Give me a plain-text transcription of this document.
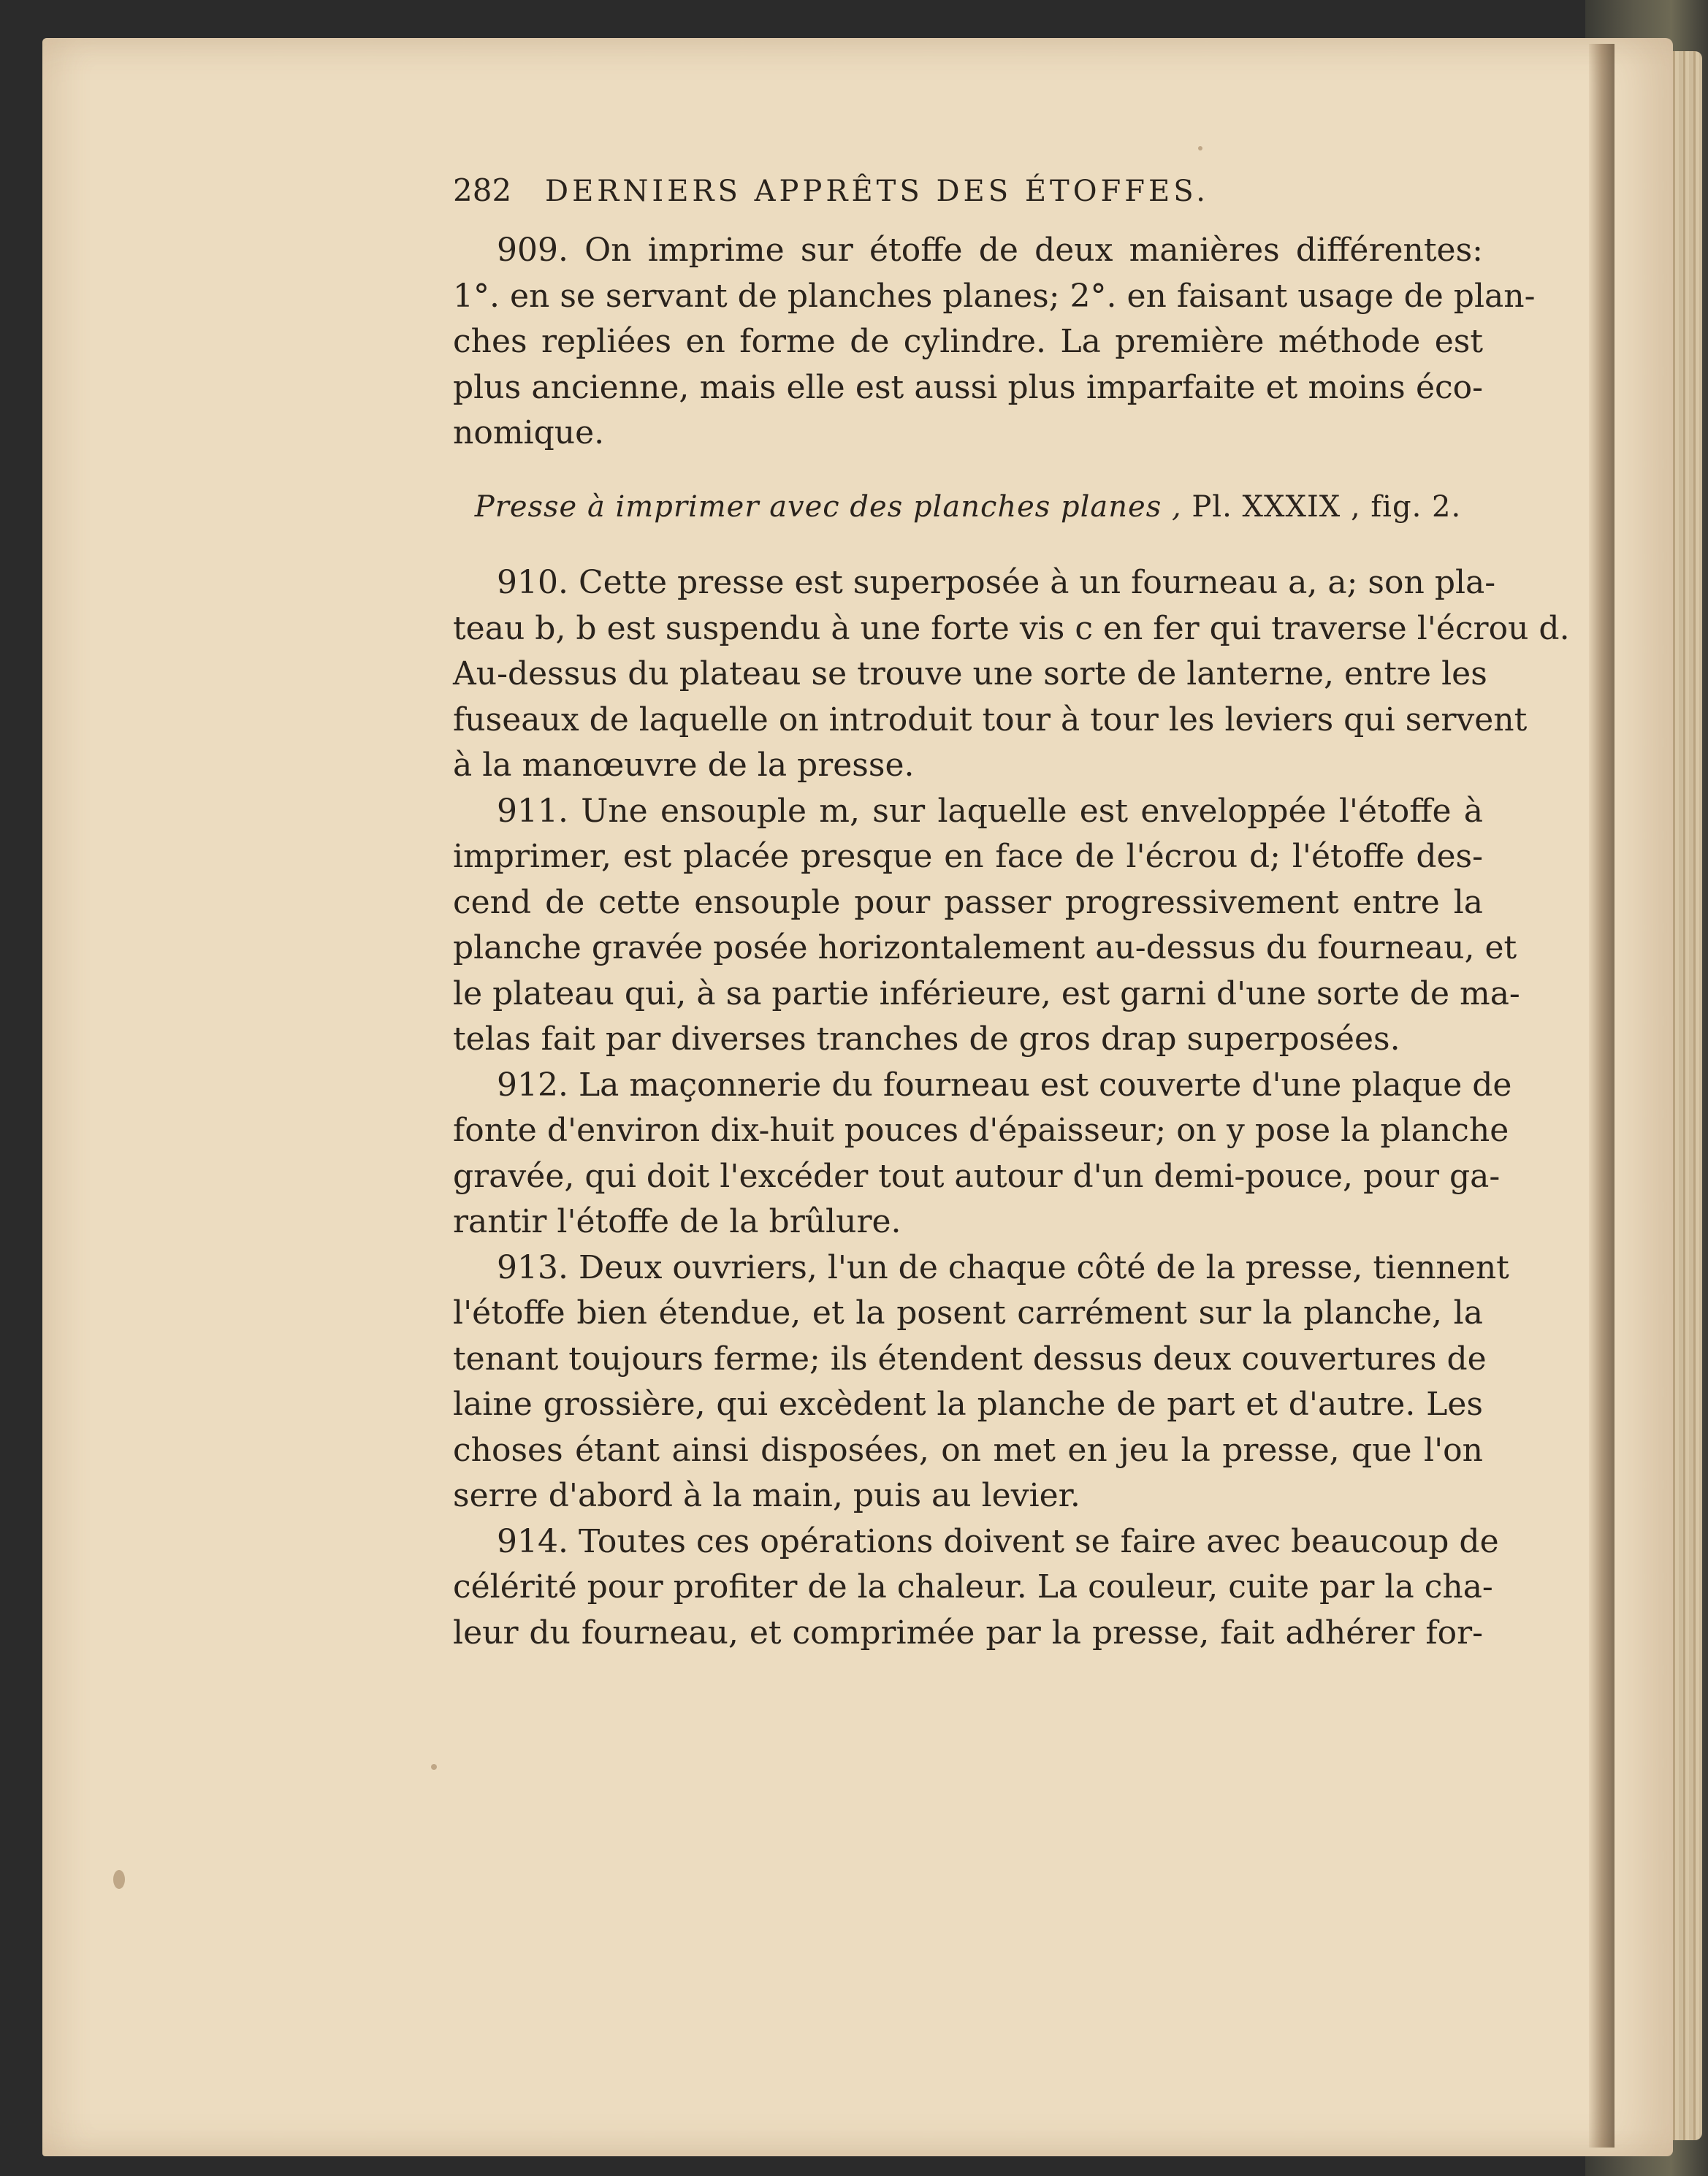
282	DERNIERS APPRÊTS DES ÉTOFFES.
909. On imprime sur étoffe de deux manières différentes:
1°. en se servant de planches planes; 2°. en faisant usage de plan-
ches repliées en forme de cylindre. La première méthode est
plus ancienne, mais elle est aussi plus imparfaite et moins éco-
nomique.
Presse à imprimer avec des planches planes , Pl. XXXIX , fig. 2.
910. Cette presse est superposée à un fourneau a, a; son pla-
teau b, b est suspendu à une forte vis c en fer qui traverse l'écrou d.
Au-dessus du plateau se trouve une sorte de lanterne, entre les
fuseaux de laquelle on introduit tour à tour les leviers qui servent
à la manœuvre de la presse.
911. Une ensouple m, sur laquelle est enveloppée l'étoffe à
imprimer, est placée presque en face de l'écrou d; l'étoffe des-
cend de cette ensouple pour passer progressivement entre la
planche gravée posée horizontalement au-dessus du fourneau, et
le plateau qui, à sa partie inférieure, est garni d'une sorte de ma-
telas fait par diverses tranches de gros drap superposées.
912. La maçonnerie du fourneau est couverte d'une plaque de
fonte d'environ dix-huit pouces d'épaisseur; on y pose la planche
gravée, qui doit l'excéder tout autour d'un demi-pouce, pour ga-
rantir l'étoffe de la brûlure.
913. Deux ouvriers, l'un de chaque côté de la presse, tiennent
l'étoffe bien étendue, et la posent carrément sur la planche, la
tenant toujours ferme; ils étendent dessus deux couvertures de
laine grossière, qui excèdent la planche de part et d'autre. Les
choses étant ainsi disposées, on met en jeu la presse, que l'on
serre d'abord à la main, puis au levier.
914. Toutes ces opérations doivent se faire avec beaucoup de
célérité pour profiter de la chaleur. La couleur, cuite par la cha-
leur du fourneau, et comprimée par la presse, fait adhérer for-
